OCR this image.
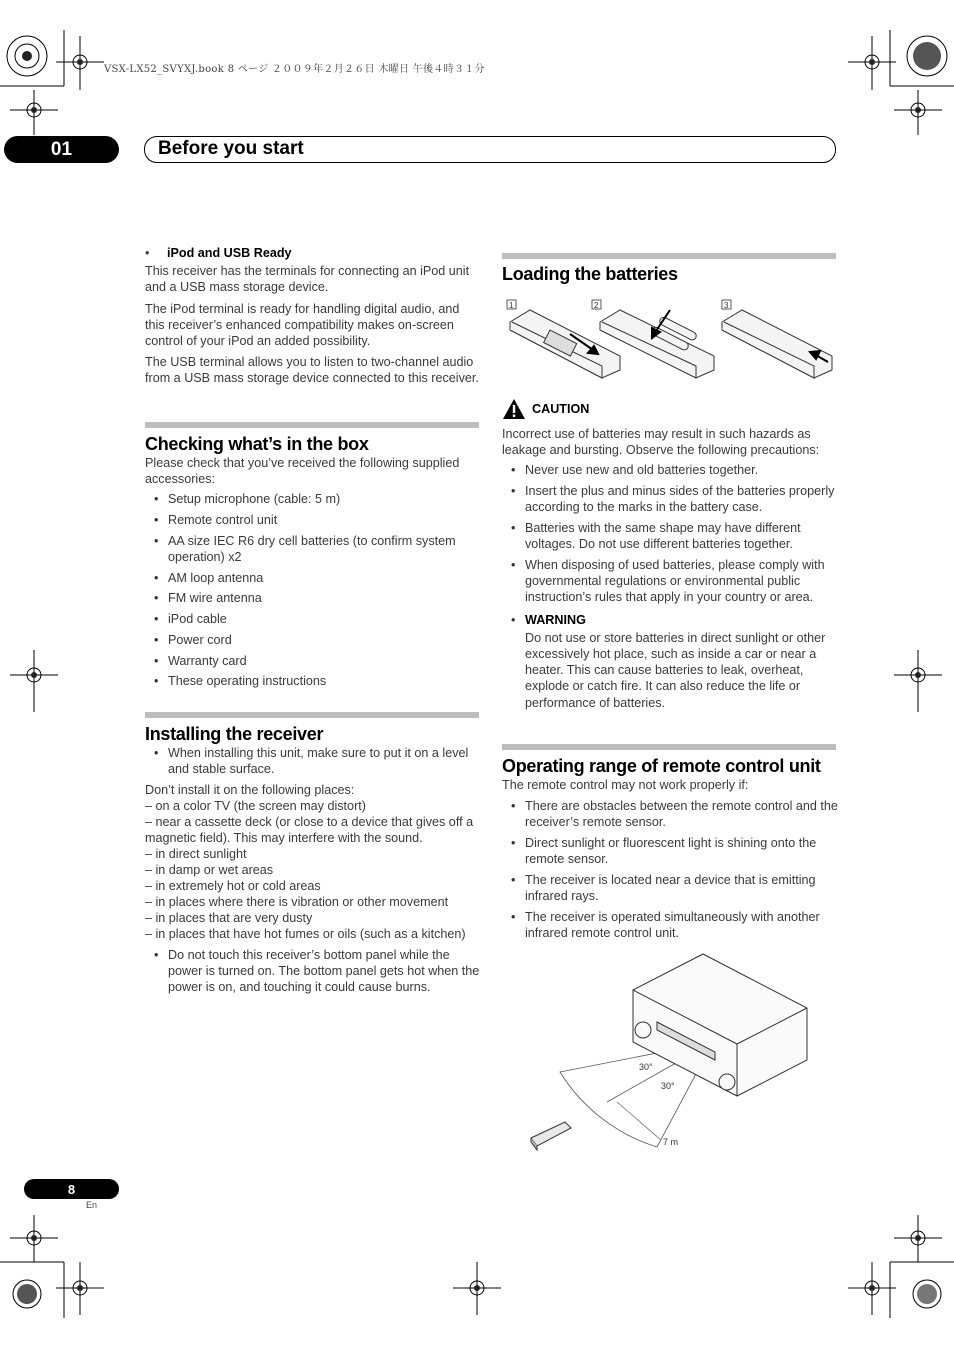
VSX-LX52_SVYXJ.book 8 ページ ２００９年２月２６日 木曜日 午後４時３１分
01	Before you start
• iPod and USB Ready

This receiver has the terminals for connecting an iPod unit and a USB mass storage device.

The iPod terminal is ready for handling digital audio, and this receiver’s enhanced compatibility makes on-screen control of your iPod an added possibility.

The USB terminal allows you to listen to two-channel audio from a USB mass storage device connected to this receiver.

Checking what’s in the box

Please check that you’ve received the following supplied accessories:

• Setup microphone (cable: 5 m)
• Remote control unit
• AA size IEC R6 dry cell batteries (to confirm system operation) x2
• AM loop antenna
• FM wire antenna
• iPod cable
• Power cord
• Warranty card
• These operating instructions
Installing the receiver
• When installing this unit, make sure to put it on a level and stable surface.
Don’t install it on the following places:
– on a color TV (the screen may distort)
– near a cassette deck (or close to a device that gives off a magnetic field). This may interfere with the sound.
– in direct sunlight
– in damp or wet areas
– in extremely hot or cold areas
– in places where there is vibration or other movement
– in places that are very dusty
– in places that have hot fumes or oils (such as a kitchen)
• Do not touch this receiver’s bottom panel while the power is turned on. The bottom panel gets hot when the power is on, and touching it could cause burns.
Loading the batteries
1	2	3
CAUTION

Incorrect use of batteries may result in such hazards as leakage and bursting. Observe the following precautions:

• Never use new and old batteries together.
• Insert the plus and minus sides of the batteries properly according to the marks in the battery case.
• Batteries with the same shape may have different voltages. Do not use different batteries together.
• When disposing of used batteries, please comply with governmental regulations or environmental public instruction’s rules that apply in your country or area.
• WARNING
Do not use or store batteries in direct sunlight or other excessively hot place, such as inside a car or near a heater. This can cause batteries to leak, overheat, explode or catch fire. It can also reduce the life or performance of batteries.
Operating range of remote control unit

The remote control may not work properly if:

• There are obstacles between the remote control and the receiver’s remote sensor.
• Direct sunlight or fluorescent light is shining onto the remote sensor.
• The receiver is located near a device that is emitting infrared rays.
• The receiver is operated simultaneously with another infrared remote control unit.
30°
30°
7 m
8
En
